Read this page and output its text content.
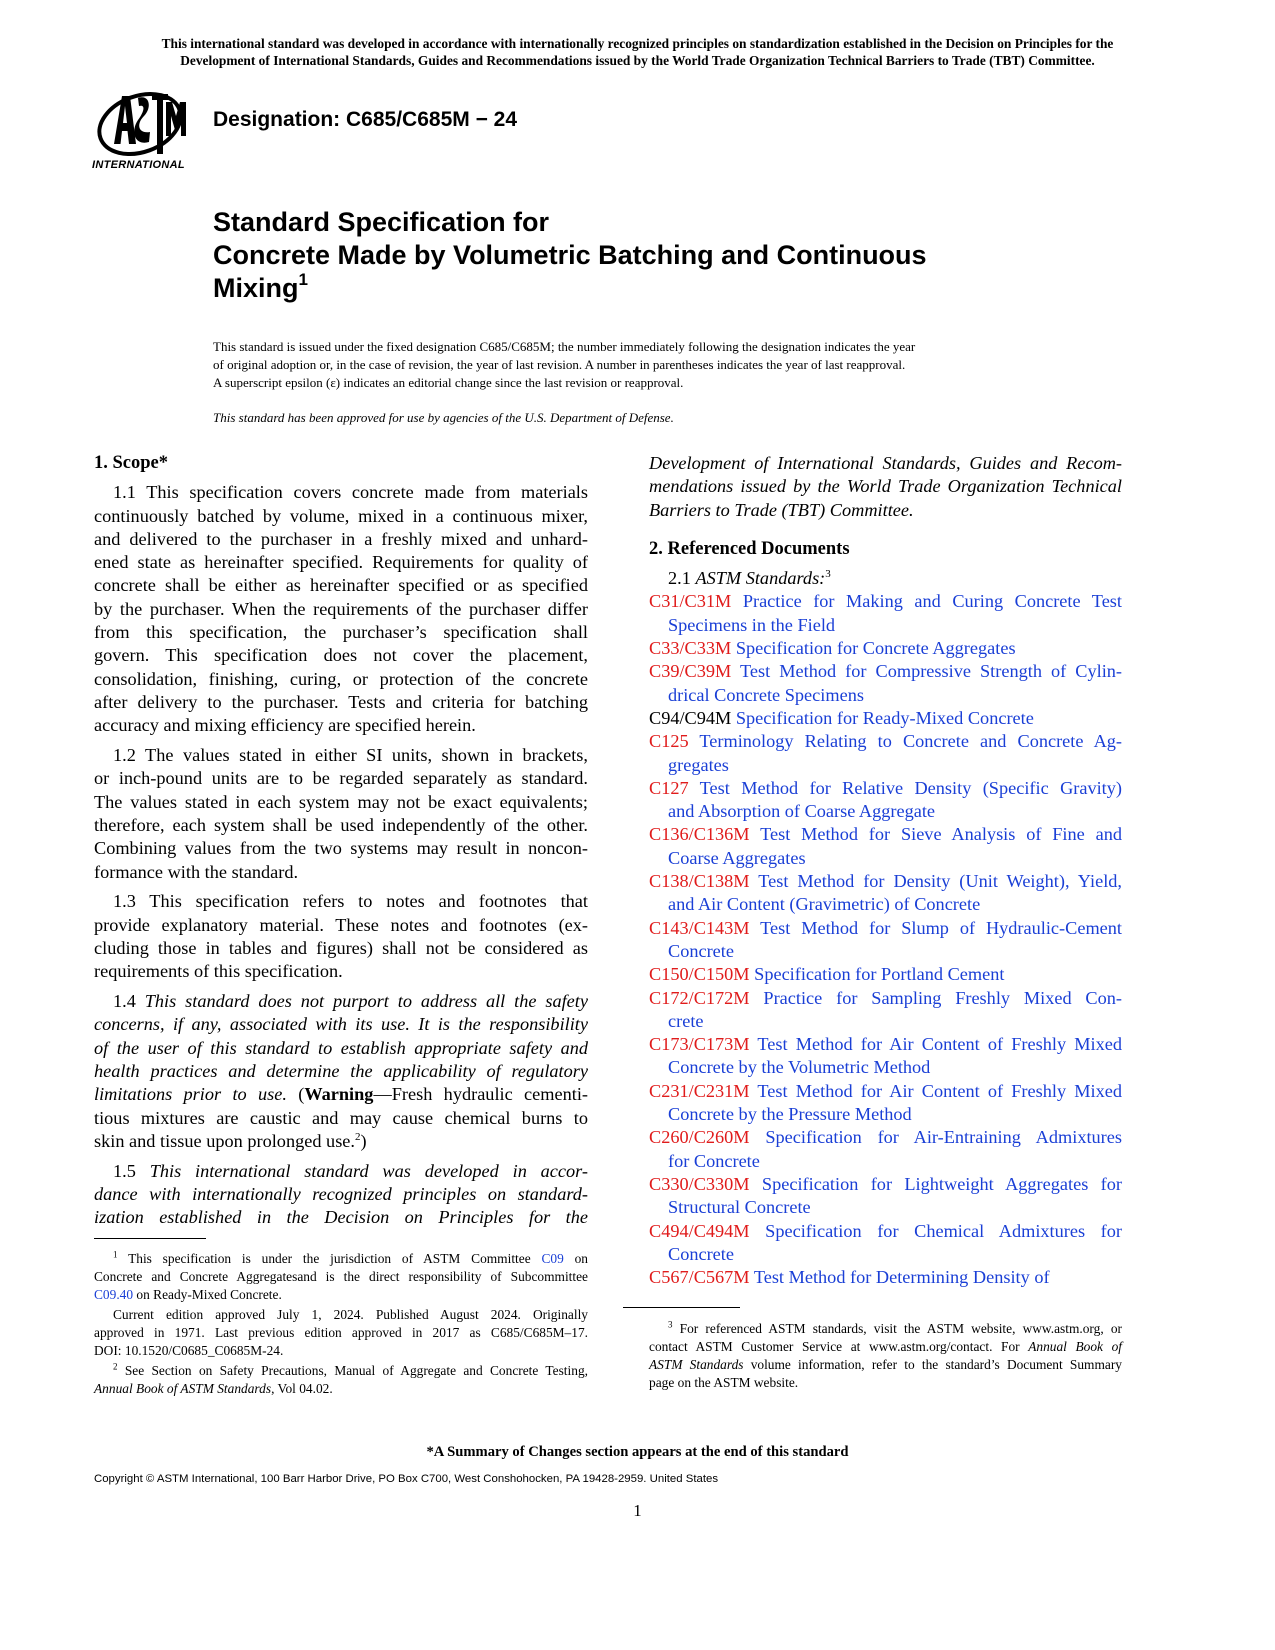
This international standard was developed in accordance with internationally recognized principles on standardization established in the Decision on Principles for the
Development of International Standards, Guides and Recommendations issued by the World Trade Organization Technical Barriers to Trade (TBT) Committee.
INTERNATIONAL
Designation: C685/C685M − 24
Standard Specification for
Concrete Made by Volumetric Batching and Continuous
Mixing$^1$
This standard is issued under the fixed designation C685/C685M; the number immediately following the designation indicates the year
of original adoption or, in the case of revision, the year of last revision. A number in parentheses indicates the year of last reapproval.
A superscript epsilon (ε) indicates an editorial change since the last revision or reapproval.
This standard has been approved for use by agencies of the U.S. Department of Defense.
1. Scope*
1.1 This specification covers concrete made from materials
continuously batched by volume, mixed in a continuous mixer,
and delivered to the purchaser in a freshly mixed and unhard-
ened state as hereinafter specified. Requirements for quality of
concrete shall be either as hereinafter specified or as specified
by the purchaser. When the requirements of the purchaser differ
from this specification, the purchaser’s specification shall
govern. This specification does not cover the placement,
consolidation, finishing, curing, or protection of the concrete
after delivery to the purchaser. Tests and criteria for batching
accuracy and mixing efficiency are specified herein.
1.2 The values stated in either SI units, shown in brackets,
or inch-pound units are to be regarded separately as standard.
The values stated in each system may not be exact equivalents;
therefore, each system shall be used independently of the other.
Combining values from the two systems may result in noncon-
formance with the standard.
1.3 This specification refers to notes and footnotes that
provide explanatory material. These notes and footnotes (ex-
cluding those in tables and figures) shall not be considered as
requirements of this specification.
1.4 This standard does not purport to address all the safety
concerns, if any, associated with its use. It is the responsibility
of the user of this standard to establish appropriate safety and
health practices and determine the applicability of regulatory
limitations prior to use. (Warning—Fresh hydraulic cementi-
tious mixtures are caustic and may cause chemical burns to
skin and tissue upon prolonged use.$^2$)
1.5 This international standard was developed in accor-
dance with internationally recognized principles on standard-
ization established in the Decision on Principles for the
Development of International Standards, Guides and Recom-
mendations issued by the World Trade Organization Technical
Barriers to Trade (TBT) Committee.
2. Referenced Documents
2.1 ASTM Standards:$^3$
C31/C31M Practice for Making and Curing Concrete Test
Specimens in the Field
C33/C33M Specification for Concrete Aggregates
C39/C39M Test Method for Compressive Strength of Cylin-
drical Concrete Specimens
C94/C94M Specification for Ready-Mixed Concrete
C125 Terminology Relating to Concrete and Concrete Ag-
gregates
C127 Test Method for Relative Density (Specific Gravity)
and Absorption of Coarse Aggregate
C136/C136M Test Method for Sieve Analysis of Fine and
Coarse Aggregates
C138/C138M Test Method for Density (Unit Weight), Yield,
and Air Content (Gravimetric) of Concrete
C143/C143M Test Method for Slump of Hydraulic-Cement
Concrete
C150/C150M Specification for Portland Cement
C172/C172M Practice for Sampling Freshly Mixed Con-
crete
C173/C173M Test Method for Air Content of Freshly Mixed
Concrete by the Volumetric Method
C231/C231M Test Method for Air Content of Freshly Mixed
Concrete by the Pressure Method
C260/C260M Specification for Air-Entraining Admixtures
for Concrete
C330/C330M Specification for Lightweight Aggregates for
Structural Concrete
C494/C494M Specification for Chemical Admixtures for
Concrete
C567/C567M Test Method for Determining Density of
$^1$ This specification is under the jurisdiction of ASTM Committee C09 on
Concrete and Concrete Aggregatesand is the direct responsibility of Subcommittee
C09.40 on Ready-Mixed Concrete.
Current edition approved July 1, 2024. Published August 2024. Originally
approved in 1971. Last previous edition approved in 2017 as C685/C685M–17.
DOI: 10.1520/C0685_C0685M-24.
$^2$ See Section on Safety Precautions, Manual of Aggregate and Concrete Testing,
Annual Book of ASTM Standards, Vol 04.02.
$^3$ For referenced ASTM standards, visit the ASTM website, www.astm.org, or
contact ASTM Customer Service at www.astm.org/contact. For Annual Book of
ASTM Standards volume information, refer to the standard’s Document Summary
page on the ASTM website.
*A Summary of Changes section appears at the end of this standard
Copyright © ASTM International, 100 Barr Harbor Drive, PO Box C700, West Conshohocken, PA 19428-2959. United States
1
